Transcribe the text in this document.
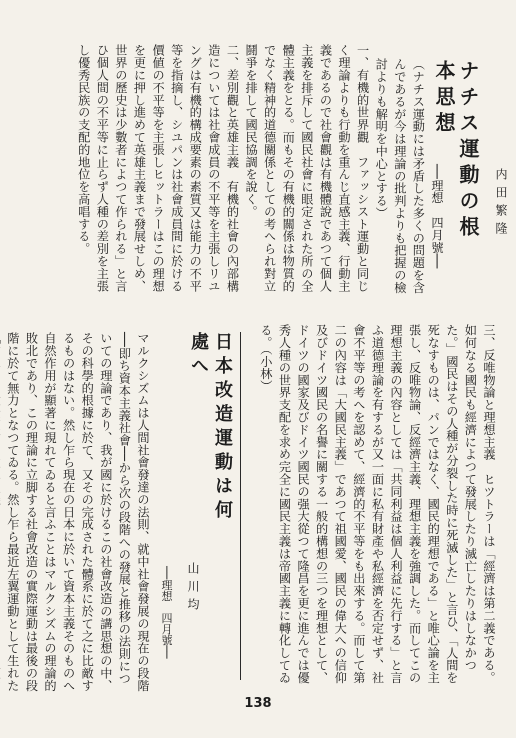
ナチス運動の根本思想
内田繁隆

──理想　四月號──

（ナチス運動には矛盾した多くの問題を含んであるが今は理論の批判よりも把握の檢討よりも解明を中心とする）

一、有機的世界觀　ファッシスト運動と同じく理論よりも行動を重んじ直感主義、行動主義であるので社會觀は有機體說であつて個人主義を排斥して國民社會に眼定された所の全體主義をとる。而もその有機的關係は物質的でなく精神的道德關係としての考へられ對立鬪爭を排して國民協調を說く。

二、差別觀と英雄主義　有機的社會の內部構造については社會成員の不平等を主張しリユングは有機的構成要素の素質又は能力の不平等を指摘し、シユパンは社會成員間に於ける價値の不平等を主張しヒットラーはこの理想を更に押し進めて英雄主義まで發展せしめ、世界の歷史は少數者によつて作られる」と言ひ個人間の不平等に止らず人種の差別を主張し優秀民族の支配的地位を高唱する。

三、反唯物論と理想主義　ヒツトラーは「經濟は第二義である。如何なる國民も經濟によつて發展したり滅亡したりはしなかつた。」國民はその人種が分裂した時に死滅した」と言ひ、「人間を死なすものは、パンではなく、國民的理想である」と唯心論を主張し、反唯物論、反經濟主義、理想主義を強調した。而してこの理想主義の內容としては「共同利益は個人利益に先行する」と言ふ道德理論を有するが又一面に私有財產や私經濟を否定せず、社會不平等の考へを認めて、經濟的不平等をも出來する。而して第二の內容は「大國民主義」であつて祖國愛、國民の偉大への信仰及びドイツ國民の名譽に關する一般的構想の三つを理想として、ドイツの國家及びドイツ國民の强大從つて隆昌を更に進んでは優秀人種の世界支配を求め完全に國民主義は帝國主義に轉化してゐる。（小林）

日本改造運動は何處へ
山川均
──理想　四月號──

マルクシズムは人間社會發達の法則、就中社會發展の現在の段階──即ち資本主義社會──から次の段階への發展と推移の法則についての理論であり、我が國に於けるこの社會改造の講思想の中、その科學的根據に於て、又その完成された體系に於て之に比敵するものはない。然し乍ら現在の日本に於いて資本主義そのものへ自然作用が顯著に現れてゐると言ふことはマルクシズムの理論的敗北であり、この理論に立脚する社會改造の實際運動は最後の段階に於て無力となつてゐる。然し乍ら最近左翼運動として生れた

138
